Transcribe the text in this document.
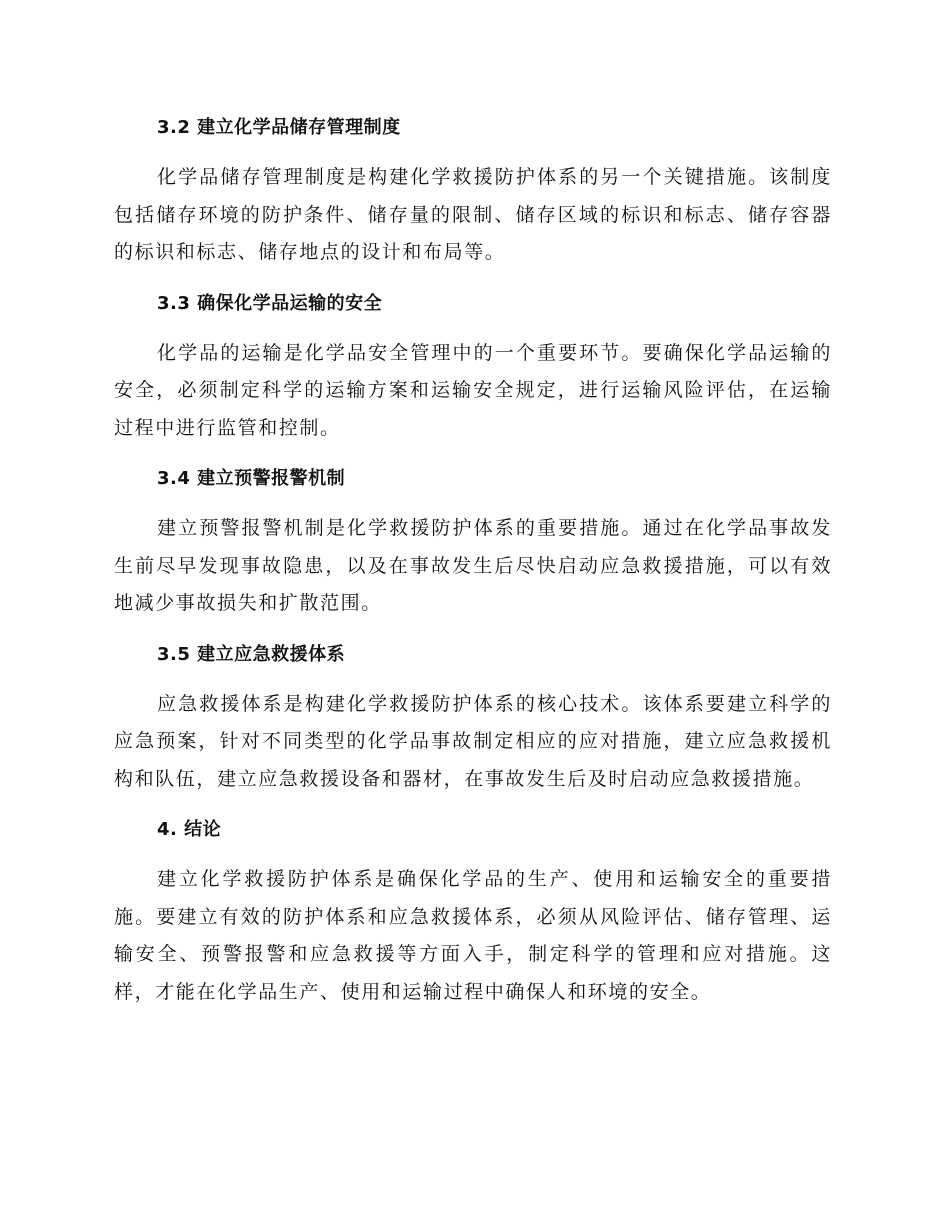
3.2 建立化学品储存管理制度

化学品储存管理制度是构建化学救援防护体系的另一个关键措施。该制度包括储存环境的防护条件、储存量的限制、储存区域的标识和标志、储存容器的标识和标志、储存地点的设计和布局等。

3.3 确保化学品运输的安全

化学品的运输是化学品安全管理中的一个重要环节。要确保化学品运输的安全，必须制定科学的运输方案和运输安全规定，进行运输风险评估，在运输过程中进行监管和控制。

3.4 建立预警报警机制

建立预警报警机制是化学救援防护体系的重要措施。通过在化学品事故发生前尽早发现事故隐患，以及在事故发生后尽快启动应急救援措施，可以有效地减少事故损失和扩散范围。

3.5 建立应急救援体系

应急救援体系是构建化学救援防护体系的核心技术。该体系要建立科学的应急预案，针对不同类型的化学品事故制定相应的应对措施，建立应急救援机构和队伍，建立应急救援设备和器材，在事故发生后及时启动应急救援措施。

4. 结论

建立化学救援防护体系是确保化学品的生产、使用和运输安全的重要措施。要建立有效的防护体系和应急救援体系，必须从风险评估、储存管理、运输安全、预警报警和应急救援等方面入手，制定科学的管理和应对措施。这样，才能在化学品生产、使用和运输过程中确保人和环境的安全。
